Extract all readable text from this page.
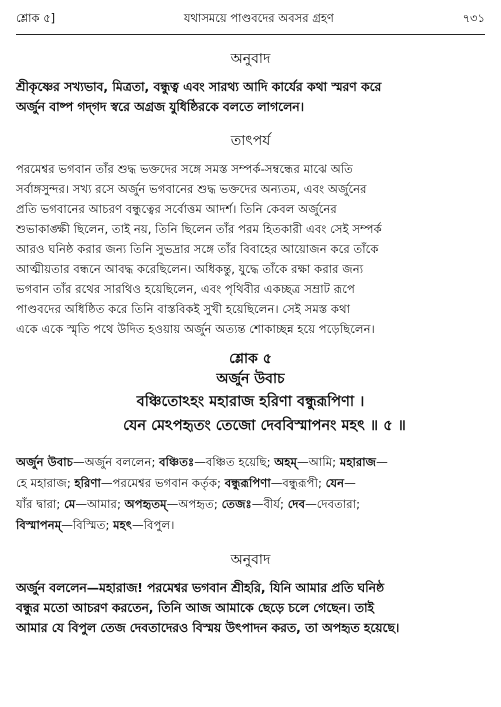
শ্লোক ৫]	যথাসময়ে পাণ্ডবদের অবসর গ্রহণ	৭৩১
অনুবাদ

শ্রীকৃষ্ণের সখ্যভাব, মিত্রতা, বন্ধুত্ব এবং সারথ্য আদি কার্যের কথা স্মরণ করে

অর্জুন বাষ্প গদ্‌গদ স্বরে অগ্রজ যুধিষ্ঠিরকে বলতে লাগলেন।

তাৎপর্য

পরমেশ্বর ভগবান তাঁর শুদ্ধ ভক্তদের সঙ্গে সমস্ত সম্পর্ক-সম্বন্ধের মাঝে অতি

সর্বাঙ্গসুন্দর। সখ্য রসে অর্জুন ভগবানের শুদ্ধ ভক্তদের অন্যতম, এবং অর্জুনের

প্রতি ভগবানের আচরণ বন্ধুত্বের সর্বোত্তম আদর্শ। তিনি কেবল অর্জুনের

শুভাকাঙ্ক্ষী ছিলেন, তাই নয়, তিনি ছিলেন তাঁর পরম হিতকারী এবং সেই সম্পর্ক

আরও ঘনিষ্ঠ করার জন্য তিনি সুভদ্রার সঙ্গে তাঁর বিবাহের আয়োজন করে তাঁকে

আত্মীয়তার বন্ধনে আবদ্ধ করেছিলেন। অধিকন্তু, যুদ্ধে তাঁকে রক্ষা করার জন্য

ভগবান তাঁর রথের সারথিও হয়েছিলেন, এবং পৃথিবীর একচ্ছত্র সম্রাট রূপে

পাণ্ডবদের অধিষ্ঠিত করে তিনি বাস্তবিকই সুখী হয়েছিলেন। সেই সমস্ত কথা

একে একে স্মৃতি পথে উদিত হওয়ায় অর্জুন অত্যন্ত শোকাচ্ছন্ন হয়ে পড়েছিলেন।

শ্লোক ৫
অর্জুন উবাচ
বঞ্চিতোঽহং মহারাজ হরিণা বন্ধুরূপিণা ।
যেন মেঽপহৃতং তেজো দেববিস্মাপনং মহৎ ॥ ৫ ॥
অর্জুন উবাচ—অর্জুন বললেন; বঞ্চিতঃ—বঞ্চিত হয়েছি; অহম্—আমি; মহারাজ—
হে মহারাজ; হরিণা—পরমেশ্বর ভগবান কর্তৃক; বন্ধুরূপিণা—বন্ধুরূপী; যেন—
যাঁর দ্বারা; মে—আমার; অপহৃতম্—অপহৃত; তেজঃ—বীর্য; দেব—দেবতারা;
বিস্মাপনম্—বিস্মিত; মহৎ—বিপুল।
অনুবাদ

অর্জুন বললেন—মহারাজ! পরমেশ্বর ভগবান শ্রীহরি, যিনি আমার প্রতি ঘনিষ্ঠ

বন্ধুর মতো আচরণ করতেন, তিনি আজ আমাকে ছেড়ে চলে গেছেন। তাই

আমার যে বিপুল তেজ দেবতাদেরও বিস্ময় উৎপাদন করত, তা অপহৃত হয়েছে।
